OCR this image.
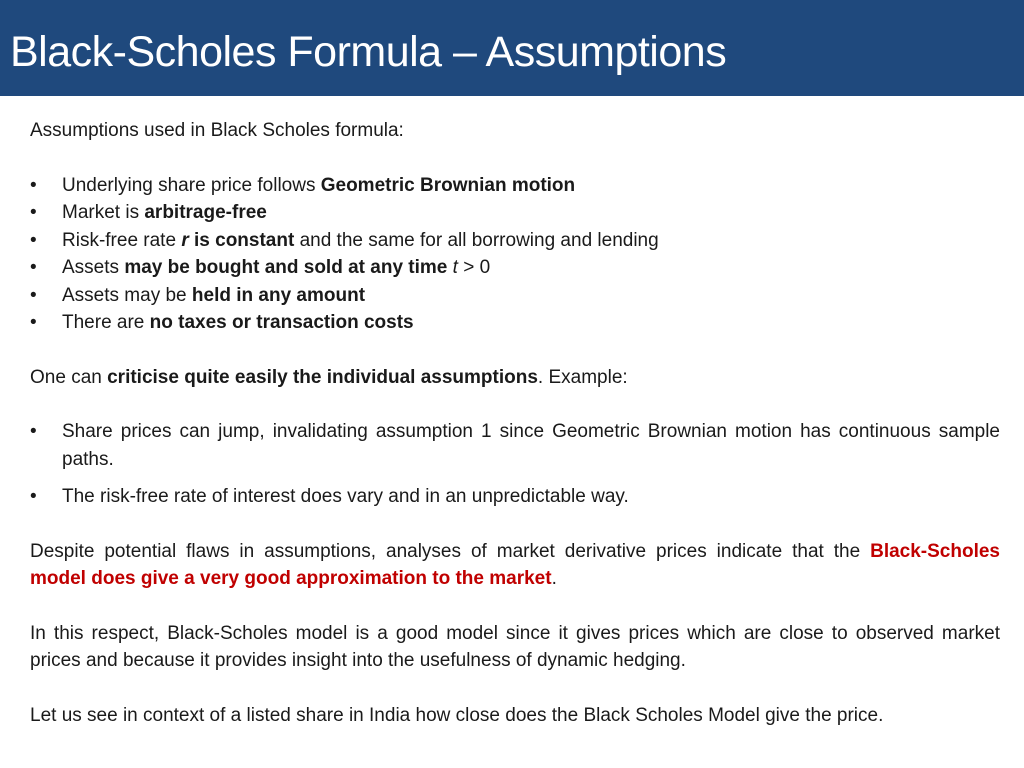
Black-Scholes Formula – Assumptions

Assumptions used in Black Scholes formula:

•	Underlying share price follows Geometric Brownian motion
•	Market is arbitrage-free
•	Risk-free rate r is constant and the same for all borrowing and lending
•	Assets may be bought and sold at any time t > 0
•	Assets may be held in any amount
•	There are no taxes or transaction costs

One can criticise quite easily the individual assumptions. Example:

•	Share prices can jump, invalidating assumption 1 since Geometric Brownian motion has continuous sample paths.
•	The risk-free rate of interest does vary and in an unpredictable way.

Despite potential flaws in assumptions, analyses of market derivative prices indicate that the Black-Scholes model does give a very good approximation to the market.

In this respect, Black-Scholes model is a good model since it gives prices which are close to observed market prices and because it provides insight into the usefulness of dynamic hedging.

Let us see in context of a listed share in India how close does the Black Scholes Model give the price.
